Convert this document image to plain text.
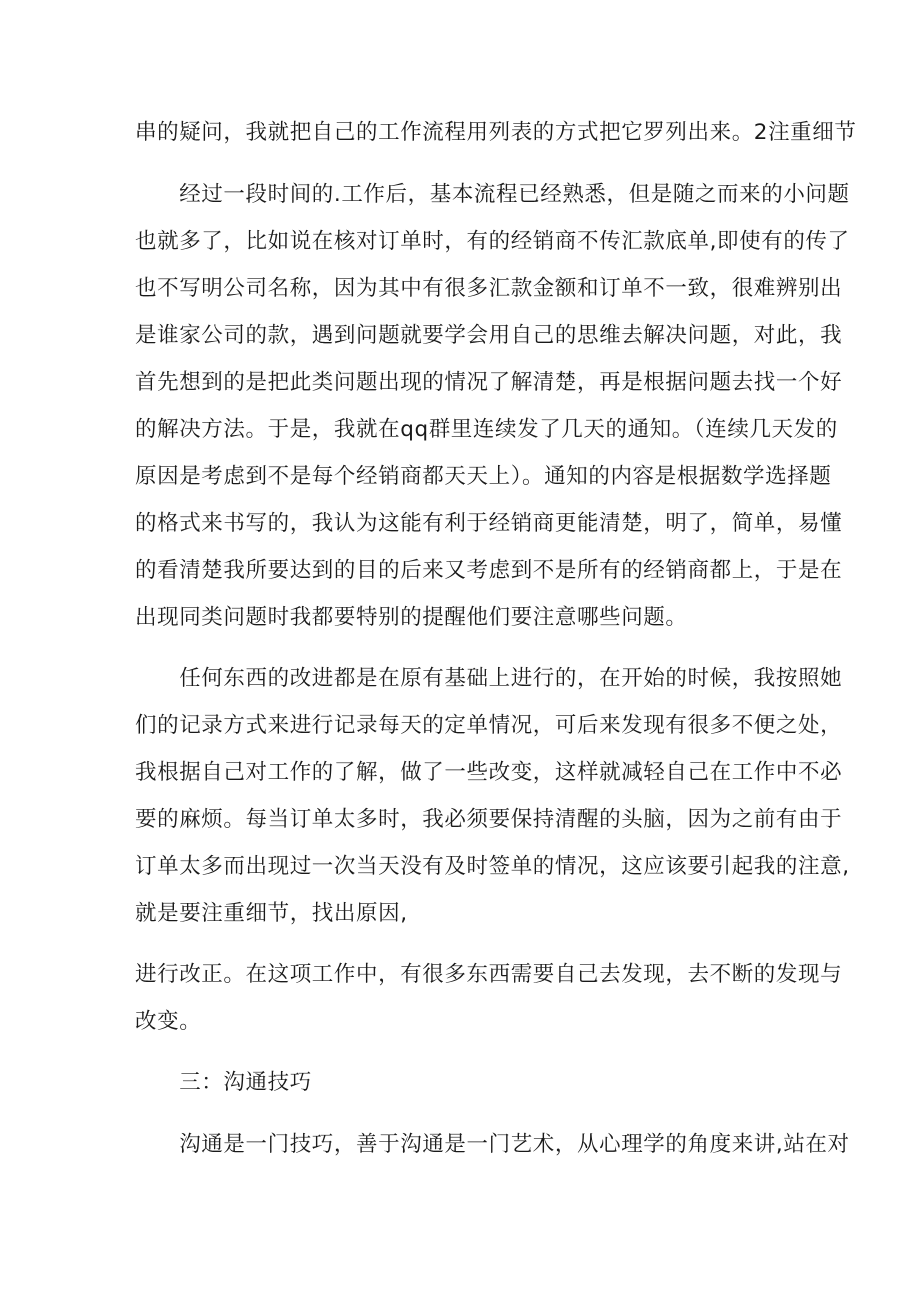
串的疑问，我就把自己的工作流程用列表的方式把它罗列出来。2注重细节
　　经过一段时间的.工作后，基本流程已经熟悉，但是随之而来的小问题
也就多了，比如说在核对订单时，有的经销商不传汇款底单,即使有的传了
也不写明公司名称，因为其中有很多汇款金额和订单不一致，很难辨别出
是谁家公司的款，遇到问题就要学会用自己的思维去解决问题，对此，我
首先想到的是把此类问题出现的情况了解清楚，再是根据问题去找一个好
的解决方法。于是，我就在qq群里连续发了几天的通知。（连续几天发的
原因是考虑到不是每个经销商都天天上）。通知的内容是根据数学选择题
的格式来书写的，我认为这能有利于经销商更能清楚，明了，简单，易懂
的看清楚我所要达到的目的后来又考虑到不是所有的经销商都上，于是在
出现同类问题时我都要特别的提醒他们要注意哪些问题。
　　任何东西的改进都是在原有基础上进行的，在开始的时候，我按照她
们的记录方式来进行记录每天的定单情况，可后来发现有很多不便之处，
我根据自己对工作的了解，做了一些改变，这样就减轻自己在工作中不必
要的麻烦。每当订单太多时，我必须要保持清醒的头脑，因为之前有由于
订单太多而出现过一次当天没有及时签单的情况，这应该要引起我的注意,
就是要注重细节，找出原因,
进行改正。在这项工作中，有很多东西需要自己去发现，去不断的发现与
改变。
　　三：沟通技巧
　　沟通是一门技巧，善于沟通是一门艺术，从心理学的角度来讲,站在对
